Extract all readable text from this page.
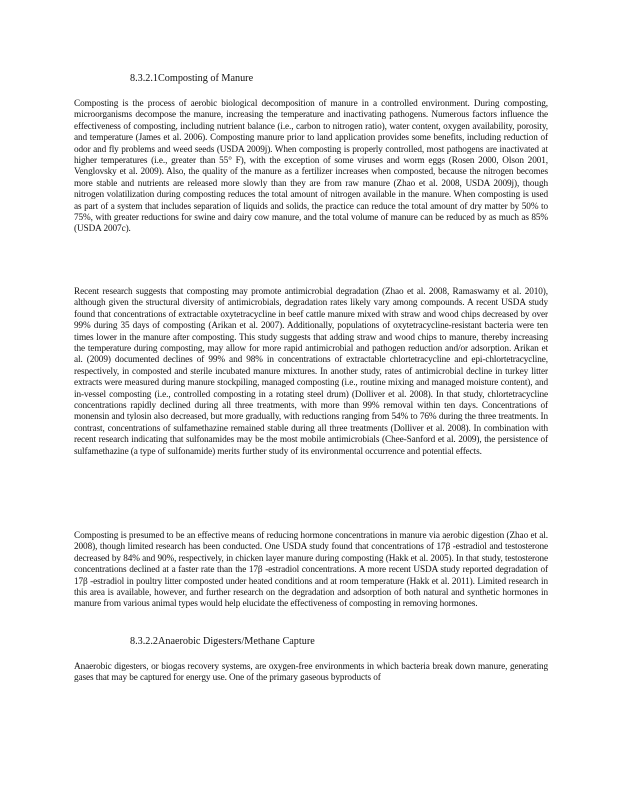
8.3.2.1Composting of Manure

Composting is the process of aerobic biological decomposition of manure in a controlled environment. During composting, microorganisms decompose the manure, increasing the temperature and inactivating pathogens. Numerous factors influence the effectiveness of composting, including nutrient balance (i.e., carbon to nitrogen ratio), water content, oxygen availability, porosity, and temperature (James et al. 2006). Composting manure prior to land application provides some benefits, including reduction of odor and fly problems and weed seeds (USDA 2009j). When composting is properly controlled, most pathogens are inactivated at higher temperatures (i.e., greater than 55° F), with the exception of some viruses and worm eggs (Rosen 2000, Olson 2001, Venglovsky et al. 2009). Also, the quality of the manure as a fertilizer increases when composted, because the nitrogen becomes more stable and nutrients are released more slowly than they are from raw manure (Zhao et al. 2008, USDA 2009j), though nitrogen volatilization during composting reduces the total amount of nitrogen available in the manure. When composting is used as part of a system that includes separation of liquids and solids, the practice can reduce the total amount of dry matter by 50% to 75%, with greater reductions for swine and dairy cow manure, and the total volume of manure can be reduced by as much as 85% (USDA 2007c).

Recent research suggests that composting may promote antimicrobial degradation (Zhao et al. 2008, Ramaswamy et al. 2010), although given the structural diversity of antimicrobials, degradation rates likely vary among compounds. A recent USDA study found that concentrations of extractable oxytetracycline in beef cattle manure mixed with straw and wood chips decreased by over 99% during 35 days of composting (Arikan et al. 2007). Additionally, populations of oxytetracycline-resistant bacteria were ten times lower in the manure after composting. This study suggests that adding straw and wood chips to manure, thereby increasing the temperature during composting, may allow for more rapid antimicrobial and pathogen reduction and/or adsorption. Arikan et al. (2009) documented declines of 99% and 98% in concentrations of extractable chlortetracycline and epi-chlortetracycline, respectively, in composted and sterile incubated manure mixtures. In another study, rates of antimicrobial decline in turkey litter extracts were measured during manure stockpiling, managed composting (i.e., routine mixing and managed moisture content), and in-vessel composting (i.e., controlled composting in a rotating steel drum) (Dolliver et al. 2008). In that study, chlortetracycline concentrations rapidly declined during all three treatments, with more than 99% removal within ten days. Concentrations of monensin and tylosin also decreased, but more gradually, with reductions ranging from 54% to 76% during the three treatments. In contrast, concentrations of sulfamethazine remained stable during all three treatments (Dolliver et al. 2008). In combination with recent research indicating that sulfonamides may be the most mobile antimicrobials (Chee-Sanford et al. 2009), the persistence of sulfamethazine (a type of sulfonamide) merits further study of its environmental occurrence and potential effects.

Composting is presumed to be an effective means of reducing hormone concentrations in manure via aerobic digestion (Zhao et al. 2008), though limited research has been conducted. One USDA study found that concentrations of 17β -estradiol and testosterone decreased by 84% and 90%, respectively, in chicken layer manure during composting (Hakk et al. 2005). In that study, testosterone concentrations declined at a faster rate than the 17β -estradiol concentrations. A more recent USDA study reported degradation of 17β -estradiol in poultry litter composted under heated conditions and at room temperature (Hakk et al. 2011). Limited research in this area is available, however, and further research on the degradation and adsorption of both natural and synthetic hormones in manure from various animal types would help elucidate the effectiveness of composting in removing hormones.

8.3.2.2Anaerobic Digesters/Methane Capture

Anaerobic digesters, or biogas recovery systems, are oxygen-free environments in which bacteria break down manure, generating gases that may be captured for energy use. One of the primary gaseous byproducts of
